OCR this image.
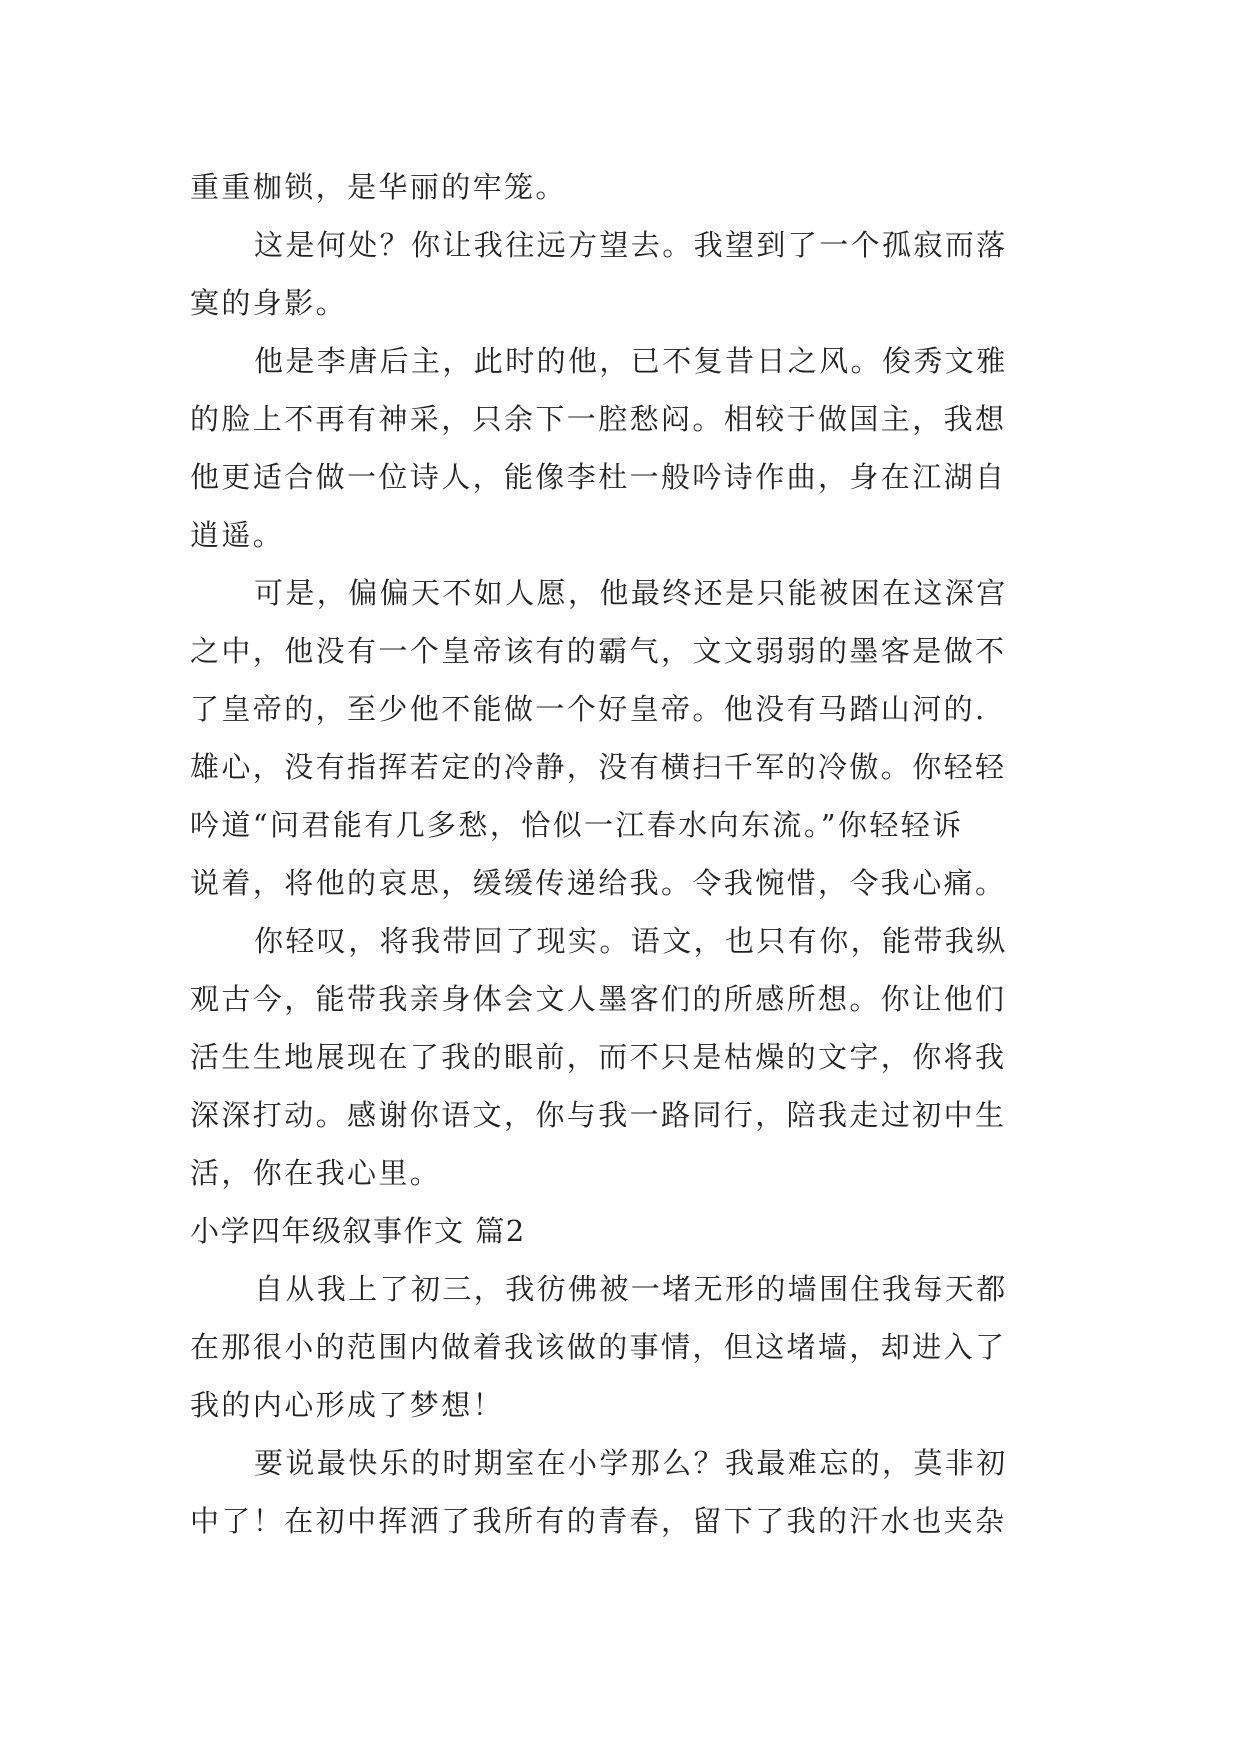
重重枷锁，是华丽的牢笼。
这是何处？你让我往远方望去。我望到了一个孤寂而落
寞的身影。
他是李唐后主，此时的他，已不复昔日之风。俊秀文雅
的脸上不再有神采，只余下一腔愁闷。相较于做国主，我想
他更适合做一位诗人，能像李杜一般吟诗作曲，身在江湖自
逍遥。
可是，偏偏天不如人愿，他最终还是只能被困在这深宫
之中，他没有一个皇帝该有的霸气，文文弱弱的墨客是做不
了皇帝的，至少他不能做一个好皇帝。他没有马踏山河的.
雄心，没有指挥若定的冷静，没有横扫千军的冷傲。你轻轻
吟道“问君能有几多愁，恰似一江春水向东流。”你轻轻诉
说着，将他的哀思，缓缓传递给我。令我惋惜，令我心痛。
你轻叹，将我带回了现实。语文，也只有你，能带我纵
观古今，能带我亲身体会文人墨客们的所感所想。你让他们
活生生地展现在了我的眼前，而不只是枯燥的文字，你将我
深深打动。感谢你语文，你与我一路同行，陪我走过初中生
活，你在我心里。
小学四年级叙事作文 篇2
自从我上了初三，我彷佛被一堵无形的墙围住我每天都
在那很小的范围内做着我该做的事情，但这堵墙，却进入了
我的内心形成了梦想！
要说最快乐的时期室在小学那么？我最难忘的，莫非初
中了！在初中挥洒了我所有的青春，留下了我的汗水也夹杂
